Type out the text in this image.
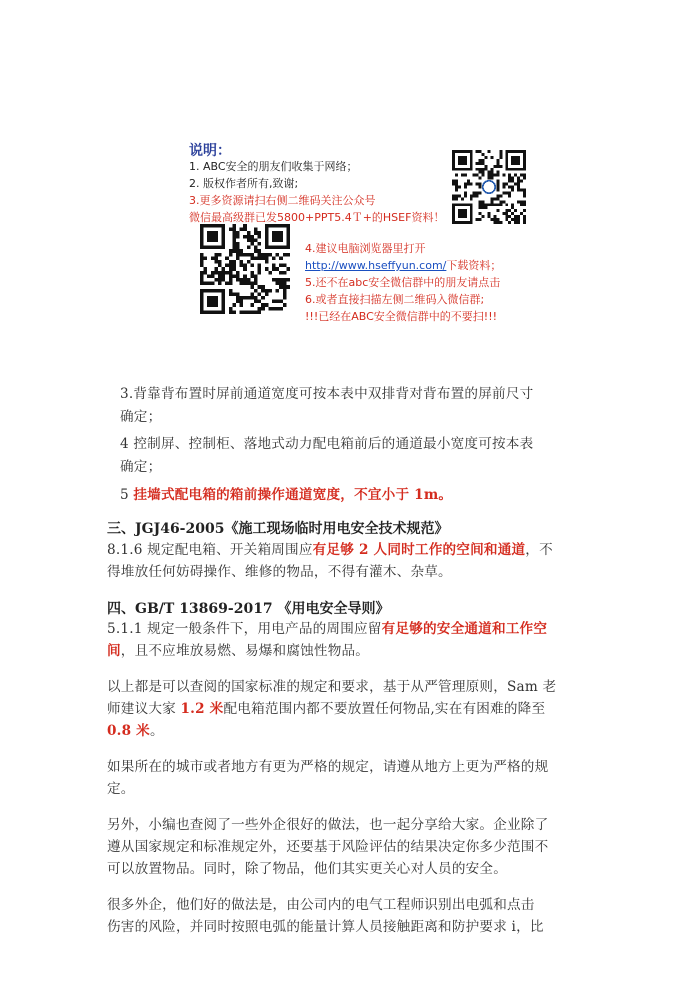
说明：
1. ABC安全的朋友们收集于网络；
2. 版权作者所有,致谢;
3.更多资源请扫右侧二维码关注公众号
微信最高级群已发5800+PPT5.4Ｔ+的HSEF资料！
4.建议电脑浏览器里打开
http://www.hseffyun.com/下载资料；
5.还不在abc安全微信群中的朋友请点击
6.或者直接扫描左侧二维码入微信群;
!!!已经在ABC安全微信群中的不要扫!!!
3.背靠背布置时屏前通道宽度可按本表中双排背对背布置的屏前尺寸
确定；
4 控制屏、控制柜、落地式动力配电箱前后的通道最小宽度可按本表
确定；
5 挂墙式配电箱的箱前操作通道宽度，不宜小于 1m。
三、JGJ46-2005《施工现场临时用电安全技术规范》
8.1.6 规定配电箱、开关箱周围应有足够 2 人同时工作的空间和通道，不
得堆放任何妨碍操作、维修的物品，不得有灌木、杂草。
四、GB/T 13869-2017 《用电安全导则》
5.1.1 规定一般条件下，用电产品的周围应留有足够的安全通道和工作空
间，且不应堆放易燃、易爆和腐蚀性物品。
以上都是可以查阅的国家标准的规定和要求，基于从严管理原则，Sam 老
师建议大家 1.2 米配电箱范围内都不要放置任何物品,实在有困难的降至
0.8 米。
如果所在的城市或者地方有更为严格的规定，请遵从地方上更为严格的规
定。
另外，小编也查阅了一些外企很好的做法，也一起分享给大家。企业除了
遵从国家规定和标准规定外，还要基于风险评估的结果决定你多少范围不
可以放置物品。同时，除了物品，他们其实更关心对人员的安全。
很多外企，他们好的做法是，由公司内的电气工程师识别出电弧和点击
伤害的风险，并同时按照电弧的能量计算人员接触距离和防护要求 i，比
